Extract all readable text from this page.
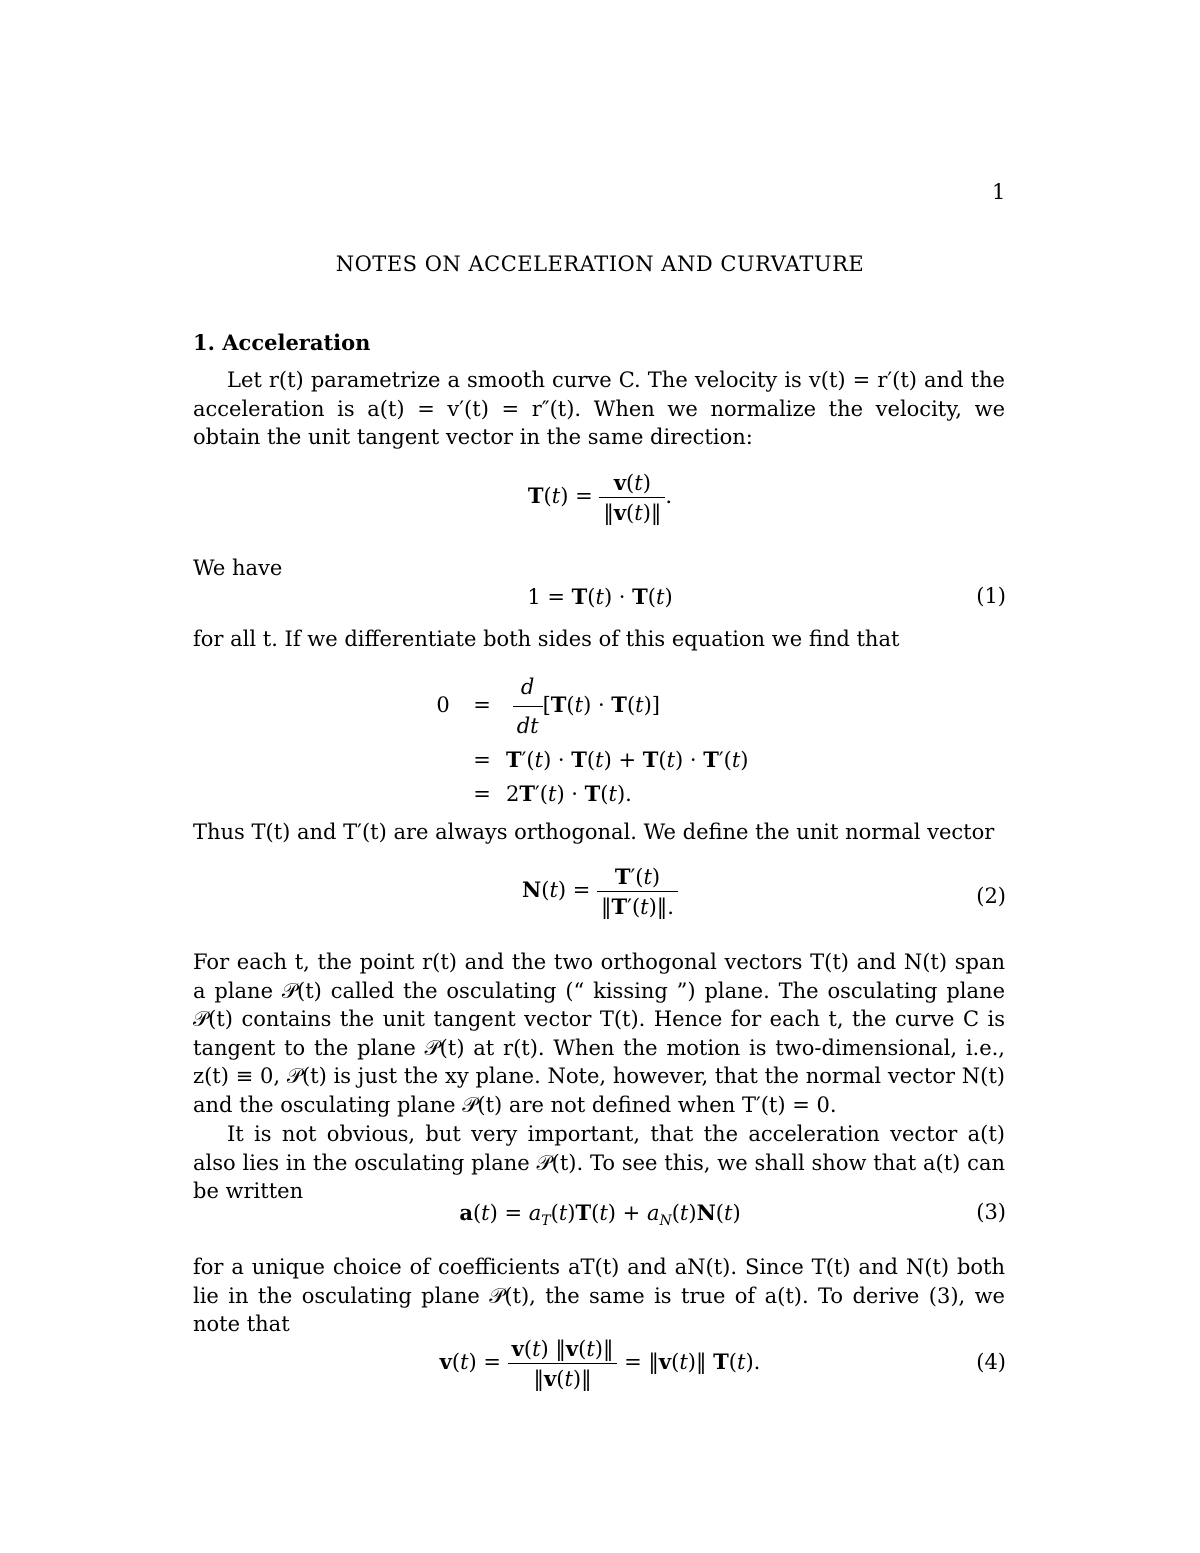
1
NOTES ON ACCELERATION AND CURVATURE
1. Acceleration

Let r(t) parametrize a smooth curve C. The velocity is v(t) = r′(t) and the acceleration is a(t) = v′(t) = r″(t). When we normalize the velocity, we obtain the unit tangent vector in the same direction:

$T(t) = \frac{v(t)}{‖v(t)‖}$ .
We have
1 = T(t) · T(t)	(1)
for all t. If we differentiate both sides of this equation we find that
$0 = \frac{d}{dt} [T(t) \cdot T(t)]$
= T′(t) · T(t) + T(t) · T′(t)
= 2T′(t) · T(t).
Thus T(t) and T′(t) are always orthogonal. We define the unit normal vector
$N(t) = \frac{T'(t)}{‖T'(t)‖.}$	(2)

For each t, the point r(t) and the two orthogonal vectors T(t) and N(t) span a plane 𝒫(t) called the osculating (“ kissing ”) plane. The osculating plane 𝒫(t) contains the unit tangent vector T(t). Hence for each t, the curve C is tangent to the plane 𝒫(t) at r(t). When the motion is two-dimensional, i.e., z(t) ≡ 0, 𝒫(t) is just the xy plane. Note, however, that the normal vector N(t) and the osculating plane 𝒫(t) are not defined when T′(t) = 0.

It is not obvious, but very important, that the acceleration vector a(t) also lies in the osculating plane 𝒫(t). To see this, we shall show that a(t) can be written

$a(t) = a_T(t)T(t) + a_N(t)N(t)$	(3)

for a unique choice of coefficients aT(t) and aN(t). Since T(t) and N(t) both lie in the osculating plane 𝒫(t), the same is true of a(t). To derive (3), we note that

$v(t) = \frac{v(t) ‖v(t)‖}{‖v(t)‖}$ = ‖v(t)‖ T(t).	(4)
